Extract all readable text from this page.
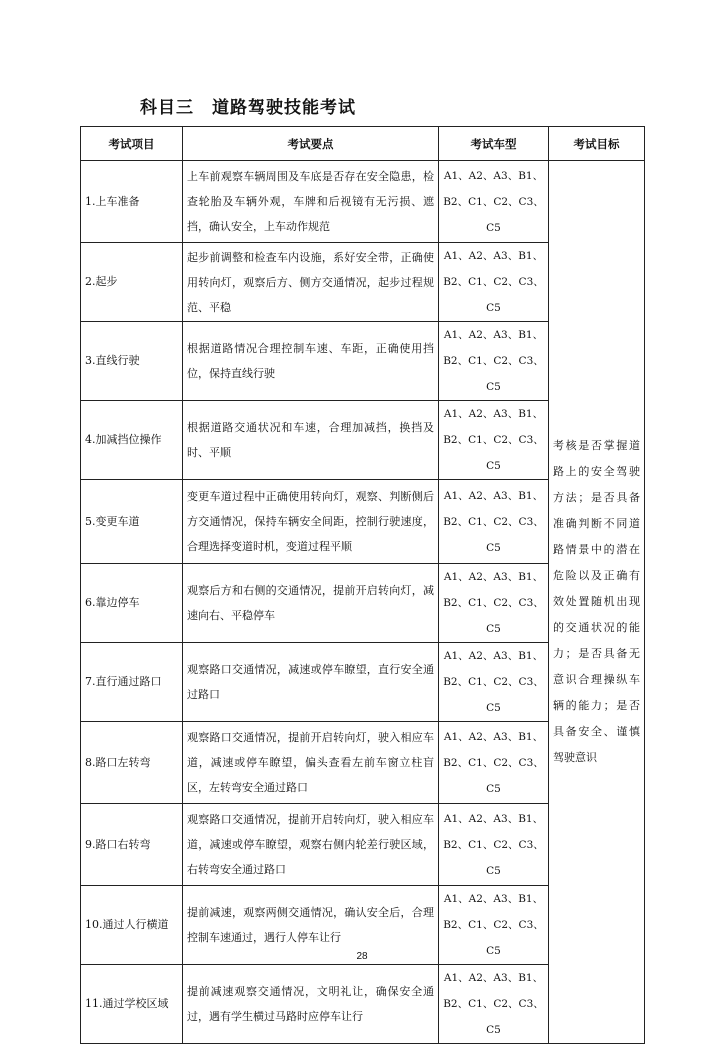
科目三　道路驾驶技能考试
考试项目	考试要点	考试车型	考试目标
1.上车准备	上车前观察车辆周围及车底是否存在安全隐患，检查轮胎及车辆外观，车牌和后视镜有无污损、遮挡，确认安全，上车动作规范	A1、A2、A3、B1、B2、C1、C2、C3、C5	考核是否掌握道路上的安全驾驶方法；是否具备准确判断不同道路情景中的潜在危险以及正确有效处置随机出现的交通状况的能力；是否具备无意识合理操纵车辆的能力；是否具备安全、谨慎驾驶意识
2.起步	起步前调整和检查车内设施，系好安全带，正确使用转向灯，观察后方、侧方交通情况，起步过程规范、平稳	A1、A2、A3、B1、B2、C1、C2、C3、C5	
3.直线行驶	根据道路情况合理控制车速、车距，正确使用挡位，保持直线行驶	A1、A2、A3、B1、B2、C1、C2、C3、C5	
4.加减挡位操作	根据道路交通状况和车速，合理加减挡，换挡及时、平顺	A1、A2、A3、B1、B2、C1、C2、C3、C5	
5.变更车道	变更车道过程中正确使用转向灯，观察、判断侧后方交通情况，保持车辆安全间距，控制行驶速度，合理选择变道时机，变道过程平顺	A1、A2、A3、B1、B2、C1、C2、C3、C5	
6.靠边停车	观察后方和右侧的交通情况，提前开启转向灯，减速向右、平稳停车	A1、A2、A3、B1、B2、C1、C2、C3、C5	
7.直行通过路口	观察路口交通情况，减速或停车瞭望，直行安全通过路口	A1、A2、A3、B1、B2、C1、C2、C3、C5	
8.路口左转弯	观察路口交通情况，提前开启转向灯，驶入相应车道，减速或停车瞭望，偏头查看左前车窗立柱盲区，左转弯安全通过路口	A1、A2、A3、B1、B2、C1、C2、C3、C5	
9.路口右转弯	观察路口交通情况，提前开启转向灯，驶入相应车道，减速或停车瞭望，观察右侧内轮差行驶区域，右转弯安全通过路口	A1、A2、A3、B1、B2、C1、C2、C3、C5	
10.通过人行横道	提前减速，观察两侧交通情况，确认安全后，合理控制车速通过，遇行人停车让行	A1、A2、A3、B1、B2、C1、C2、C3、C5	
11.通过学校区域	提前减速观察交通情况，文明礼让，确保安全通过，遇有学生横过马路时应停车让行	A1、A2、A3、B1、B2、C1、C2、C3、C5	
28
